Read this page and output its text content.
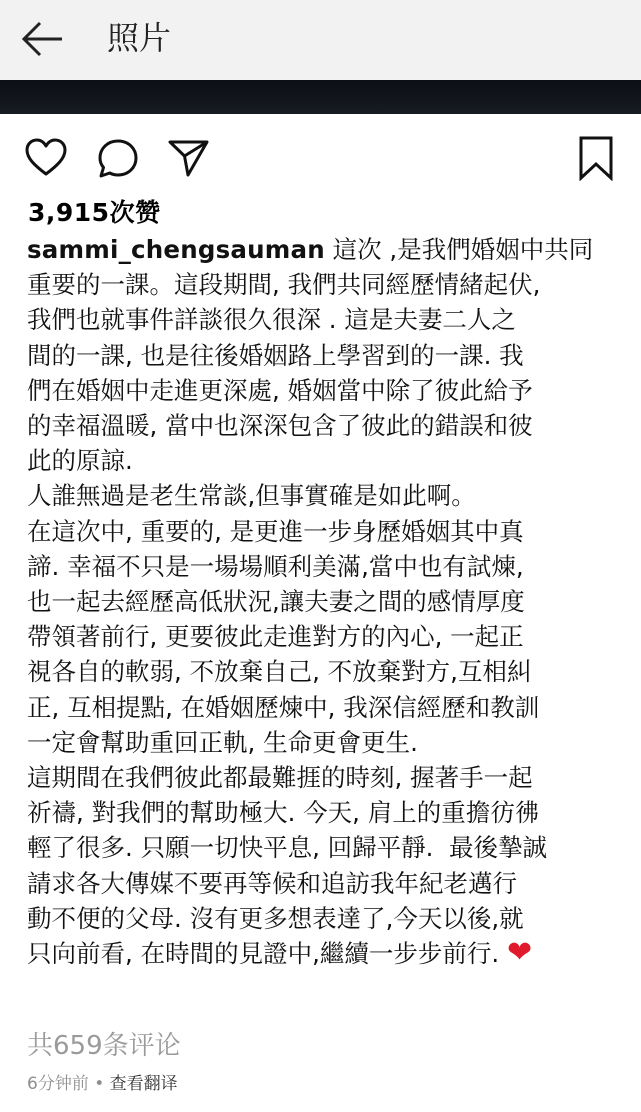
照片
3,915次赞
sammi_chengsauman 這次 ,是我們婚姻中共同
重要的一課。這段期間, 我們共同經歷情緒起伏,
我們也就事件詳談很久很深 . 這是夫妻二人之
間的一課, 也是往後婚姻路上學習到的一課. 我
們在婚姻中走進更深處, 婚姻當中除了彼此給予
的幸福溫暖, 當中也深深包含了彼此的錯誤和彼
此的原諒.
人誰無過是老生常談,但事實確是如此啊。
在這次中, 重要的, 是更進一步身歷婚姻其中真
諦. 幸福不只是一場場順利美滿,當中也有試煉,
也一起去經歷高低狀況,讓夫妻之間的感情厚度
帶領著前行, 更要彼此走進對方的內心, 一起正
視各自的軟弱, 不放棄自己, 不放棄對方,互相糾
正, 互相提點, 在婚姻歷煉中, 我深信經歷和教訓
一定會幫助重回正軌, 生命更會更生.
這期間在我們彼此都最難捱的時刻, 握著手一起
祈禱, 對我們的幫助極大. 今天, 肩上的重擔彷彿
輕了很多. 只願一切快平息, 回歸平靜.  最後摯誠
請求各大傳媒不要再等候和追訪我年紀老邁行
動不便的父母. 沒有更多想表達了,今天以後,就
只向前看, 在時間的見證中,繼續一步步前行. ❤
共659条评论
6分钟前 • 查看翻译
